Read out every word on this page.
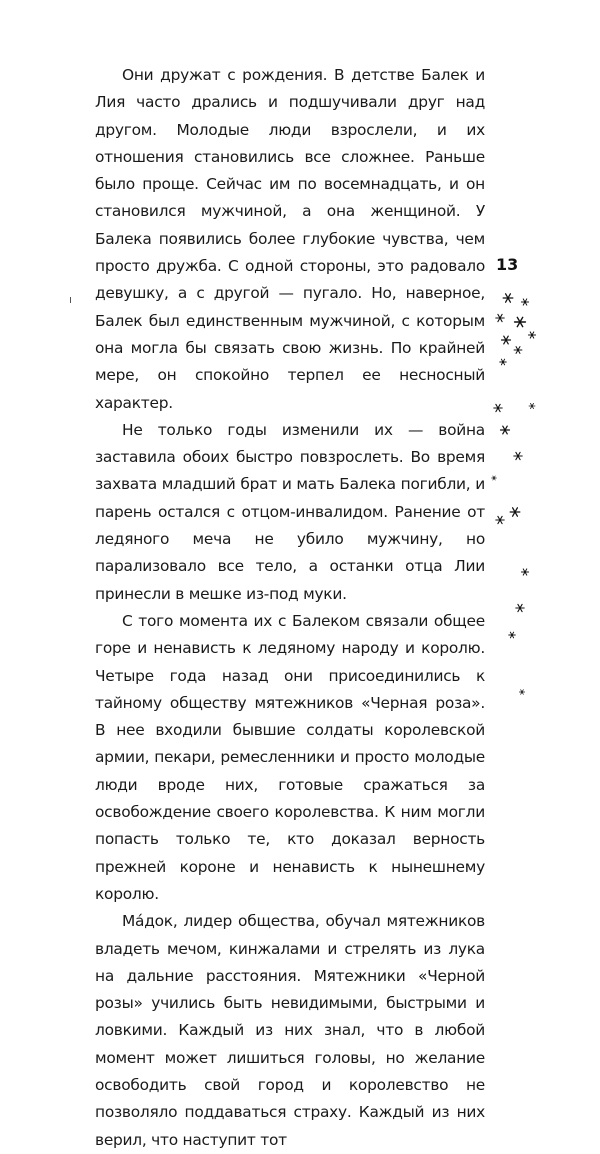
Они дружат с рождения. В детстве Балек и Лия часто дрались и подшучивали друг над другом. Молодые люди взрослели, и их отношения становились все сложнее. Раньше было проще. Сейчас им по восемнадцать, и он становился мужчиной, а она женщиной. У Балека появились более глубокие чувства, чем просто дружба. С одной стороны, это радовало девушку, а с другой — пугало. Но, наверное, Балек был единственным мужчиной, с которым она могла бы связать свою жизнь. По крайней мере, он спокойно терпел ее несносный характер.

Не только годы изменили их — война заставила обоих быстро повзрослеть. Во время захвата младший брат и мать Балека погибли, и парень остался с отцом-инвалидом. Ранение от ледяного меча не убило мужчину, но парализовало все тело, а останки отца Лии принесли в мешке из-под муки.

С того момента их с Балеком связали общее горе и ненависть к ледяному народу и королю. Четыре года назад они присоединились к тайному обществу мятежников «Черная роза». В нее входили бывшие солдаты королевской армии, пекари, ремесленники и просто молодые люди вроде них, готовые сражаться за освобождение своего королевства. К ним могли попасть только те, кто доказал верность прежней короне и ненависть к нынешнему королю.

Ма́док, лидер общества, обучал мятежников владеть мечом, кинжалами и стрелять из лука на дальние расстояния. Мятежники «Черной розы» учились быть невидимыми, быстрыми и ловкими. Каждый из них знал, что в любой момент может лишиться головы, но желание освободить свой город и королевство не позволяло поддаваться страху. Каждый из них верил, что наступит тот

13
